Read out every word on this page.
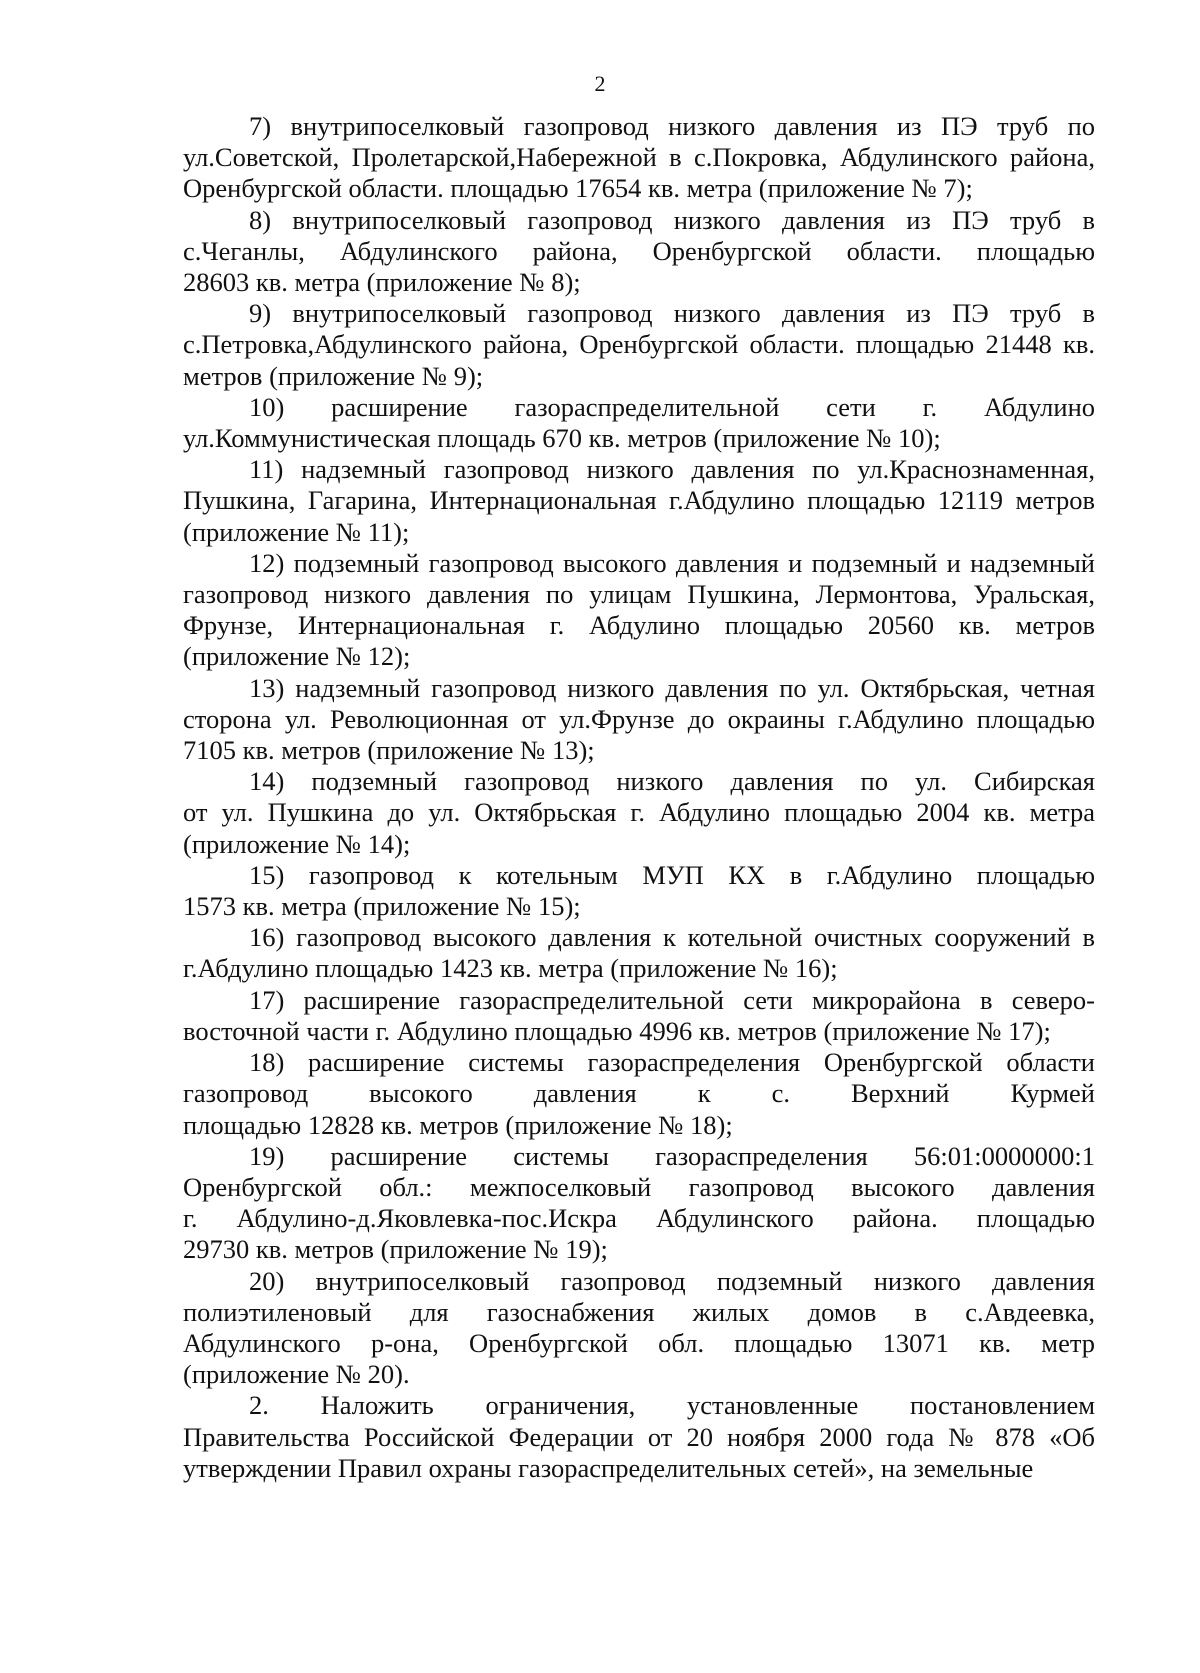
2
7) внутрипоселковый газопровод низкого давления из ПЭ труб по
ул.Советской, Пролетарской,Набережной в с.Покровка, Абдулинского района,
Оренбургской области. площадью 17654 кв. метра (приложение № 7);
8) внутрипоселковый газопровод низкого давления из ПЭ труб в
с.Чеганлы, Абдулинского района, Оренбургской области. площадью
28603 кв. метра (приложение № 8);
9) внутрипоселковый газопровод низкого давления из ПЭ труб в
с.Петровка,Абдулинского района, Оренбургской области. площадью 21448 кв.
метров (приложение № 9);
10) расширение газораспределительной сети г. Абдулино
ул.Коммунистическая площадь 670 кв. метров (приложение № 10);
11) надземный газопровод низкого давления по ул.Краснознаменная,
Пушкина, Гагарина, Интернациональная г.Абдулино площадью 12119 метров
(приложение № 11);
12) подземный газопровод высокого давления и подземный и надземный
газопровод низкого давления по улицам Пушкина, Лермонтова, Уральская,
Фрунзе, Интернациональная г. Абдулино площадью 20560 кв. метров
(приложение № 12);
13) надземный газопровод низкого давления по ул. Октябрьская, четная
сторона ул. Революционная от ул.Фрунзе до окраины г.Абдулино площадью
7105 кв. метров (приложение № 13);
14) подземный газопровод низкого давления по ул. Сибирская
от ул. Пушкина до ул. Октябрьская г. Абдулино площадью 2004 кв. метра
(приложение № 14);
15) газопровод к котельным МУП КХ в г.Абдулино площадью
1573 кв. метра (приложение № 15);
16) газопровод высокого давления к котельной очистных сооружений в
г.Абдулино площадью 1423 кв. метра (приложение № 16);
17) расширение газораспределительной сети микрорайона в северо-
восточной части г. Абдулино площадью 4996 кв. метров (приложение № 17);
18) расширение системы газораспределения Оренбургской области
газопровод высокого давления к с. Верхний Курмей
площадью 12828 кв. метров (приложение № 18);
19) расширение системы газораспределения 56:01:0000000:1
Оренбургской обл.: межпоселковый газопровод высокого давления
г. Абдулино-д.Яковлевка-пос.Искра Абдулинского района. площадью
29730 кв. метров (приложение № 19);
20) внутрипоселковый газопровод подземный низкого давления
полиэтиленовый для газоснабжения жилых домов в с.Авдеевка,
Абдулинского р-она, Оренбургской обл. площадью 13071 кв. метр
(приложение № 20).
2. Наложить ограничения, установленные постановлением
Правительства Российской Федерации от 20 ноября 2000 года № 878 «Об
утверждении Правил охраны газораспределительных сетей», на земельные
